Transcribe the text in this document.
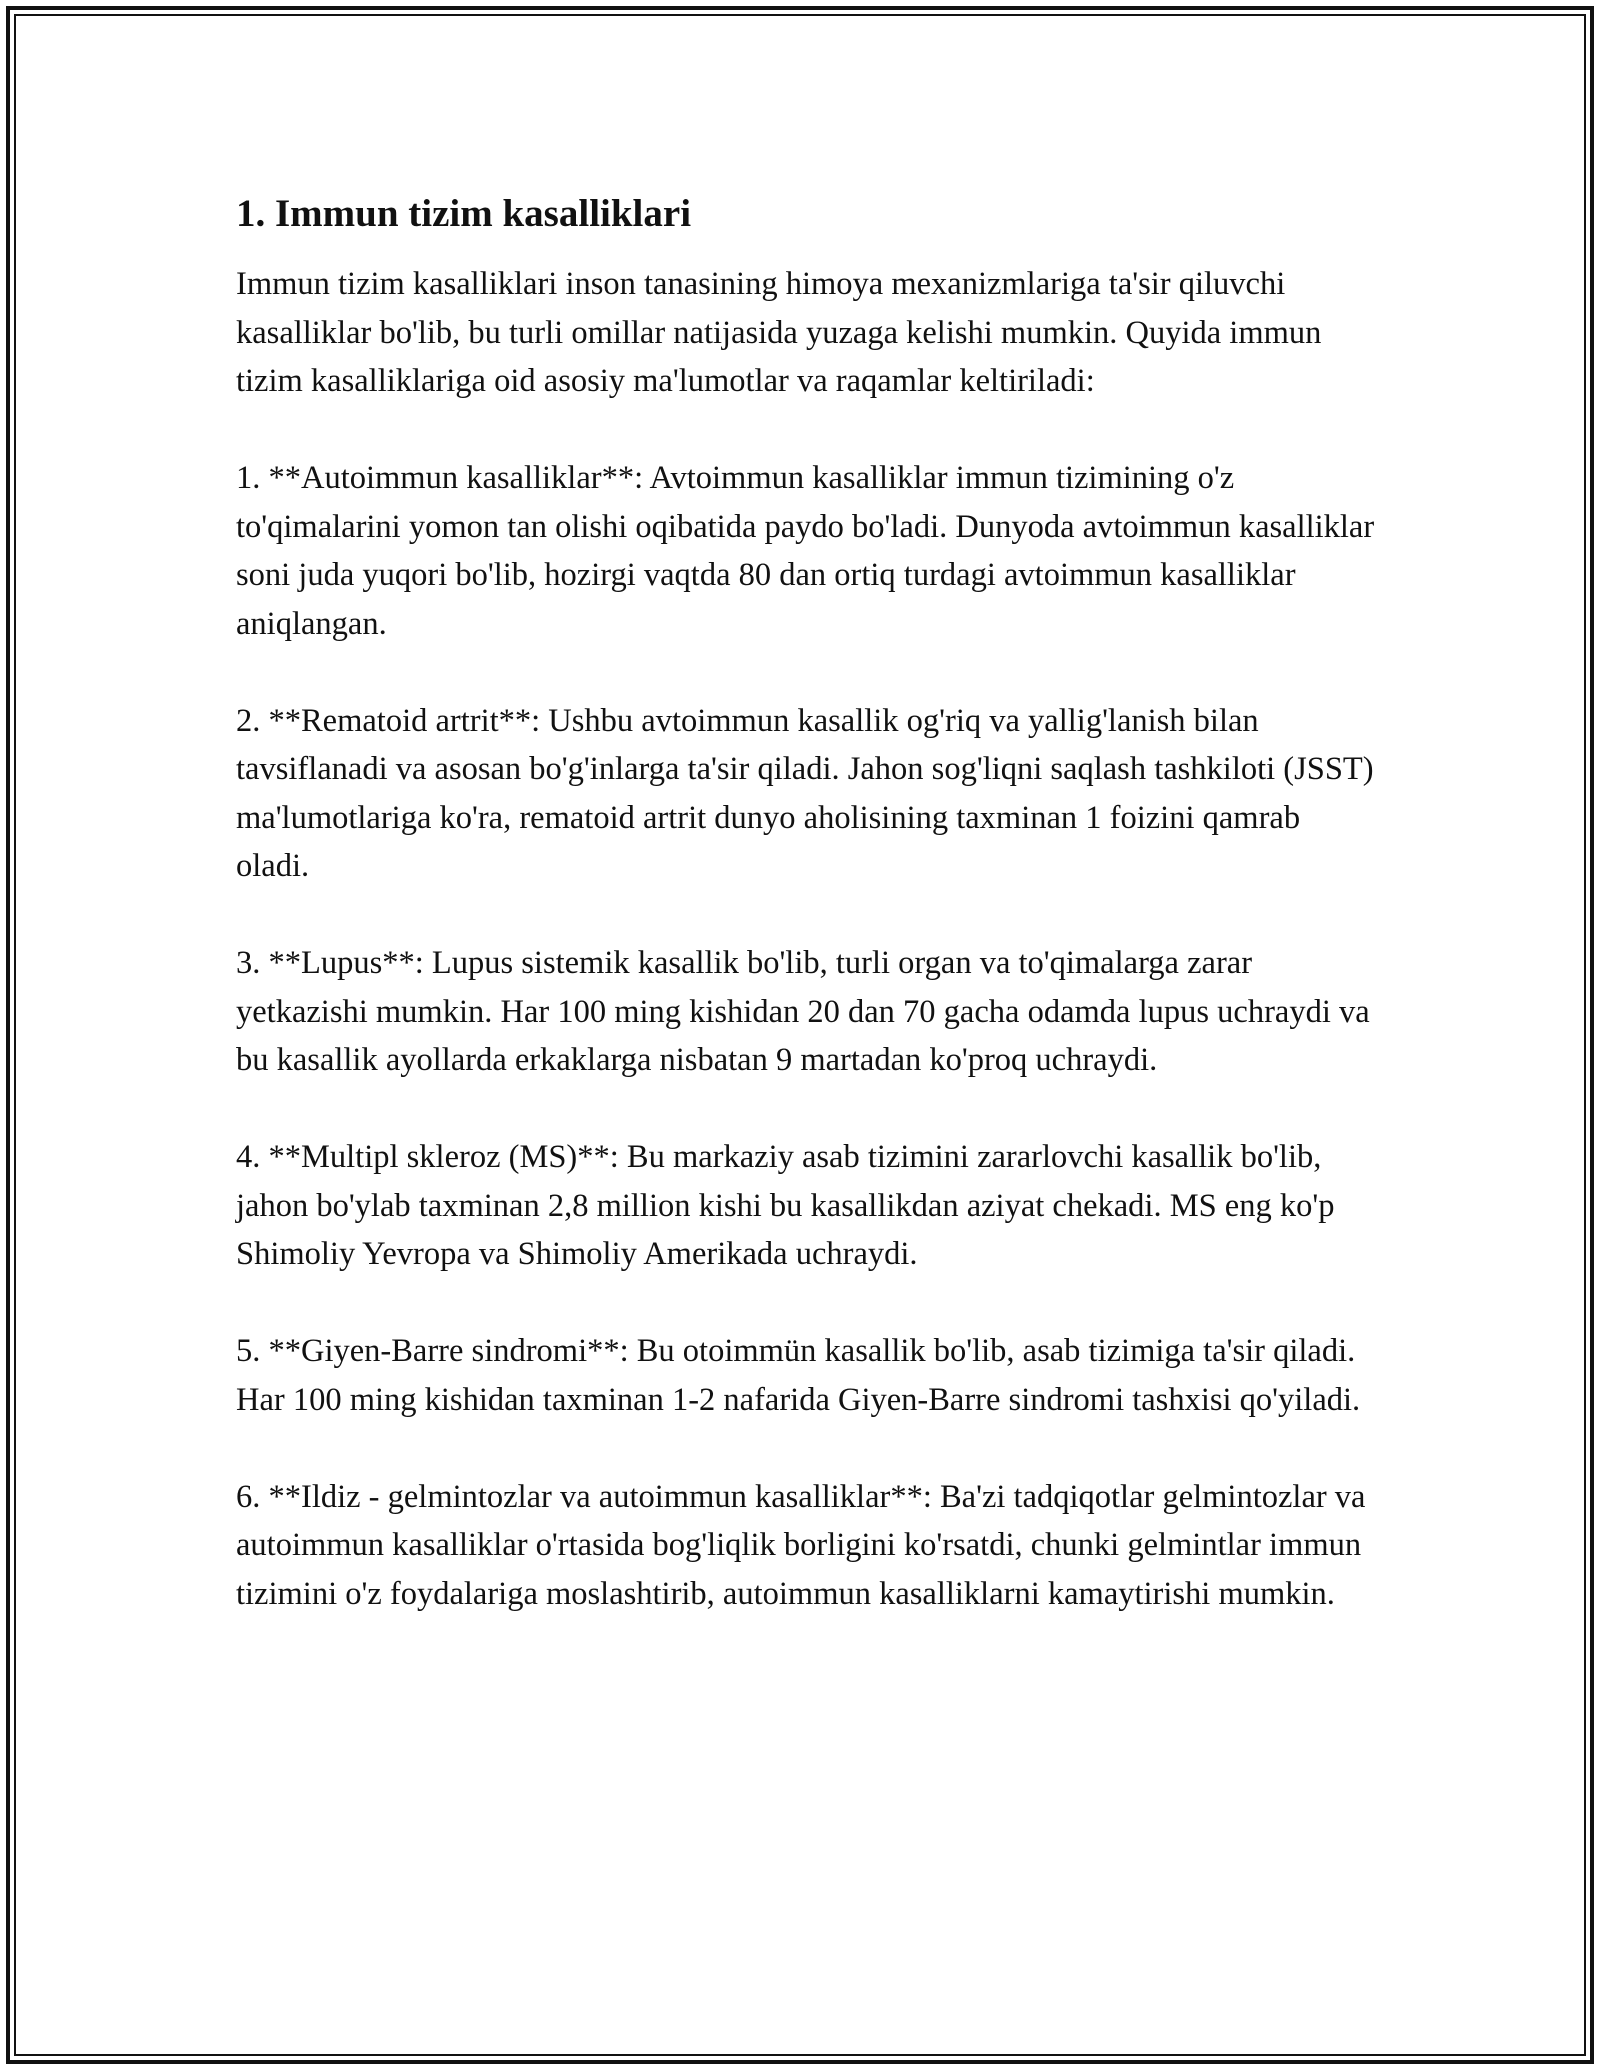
1. Immun tizim kasalliklari

Immun tizim kasalliklari inson tanasining himoya mexanizmlariga ta'sir qiluvchi kasalliklar bo'lib, bu turli omillar natijasida yuzaga kelishi mumkin. Quyida immun tizim kasalliklariga oid asosiy ma'lumotlar va raqamlar keltiriladi:

1. **Autoimmun kasalliklar**: Avtoimmun kasalliklar immun tizimining o'z to'qimalarini yomon tan olishi oqibatida paydo bo'ladi. Dunyoda avtoimmun kasalliklar soni juda yuqori bo'lib, hozirgi vaqtda 80 dan ortiq turdagi avtoimmun kasalliklar aniqlangan.

2. **Rematoid artrit**: Ushbu avtoimmun kasallik og'riq va yallig'lanish bilan tavsiflanadi va asosan bo'g'inlarga ta'sir qiladi. Jahon sog'liqni saqlash tashkiloti (JSST) ma'lumotlariga ko'ra, rematoid artrit dunyo aholisining taxminan 1 foizini qamrab oladi.

3. **Lupus**: Lupus sistemik kasallik bo'lib, turli organ va to'qimalarga zarar yetkazishi mumkin. Har 100 ming kishidan 20 dan 70 gacha odamda lupus uchraydi va bu kasallik ayollarda erkaklarga nisbatan 9 martadan ko'proq uchraydi.

4. **Multipl skleroz (MS)**: Bu markaziy asab tizimini zararlovchi kasallik bo'lib, jahon bo'ylab taxminan 2,8 million kishi bu kasallikdan aziyat chekadi. MS eng ko'p Shimoliy Yevropa va Shimoliy Amerikada uchraydi.

5. **Giyen-Barre sindromi**: Bu otoimmün kasallik bo'lib, asab tizimiga ta'sir qiladi. Har 100 ming kishidan taxminan 1-2 nafarida Giyen-Barre sindromi tashxisi qo'yiladi.

6. **Ildiz - gelmintozlar va autoimmun kasalliklar**: Ba'zi tadqiqotlar gelmintozlar va autoimmun kasalliklar o'rtasida bog'liqlik borligini ko'rsatdi, chunki gelmintlar immun tizimini o'z foydalariga moslashtirib, autoimmun kasalliklarni kamaytirishi mumkin.
